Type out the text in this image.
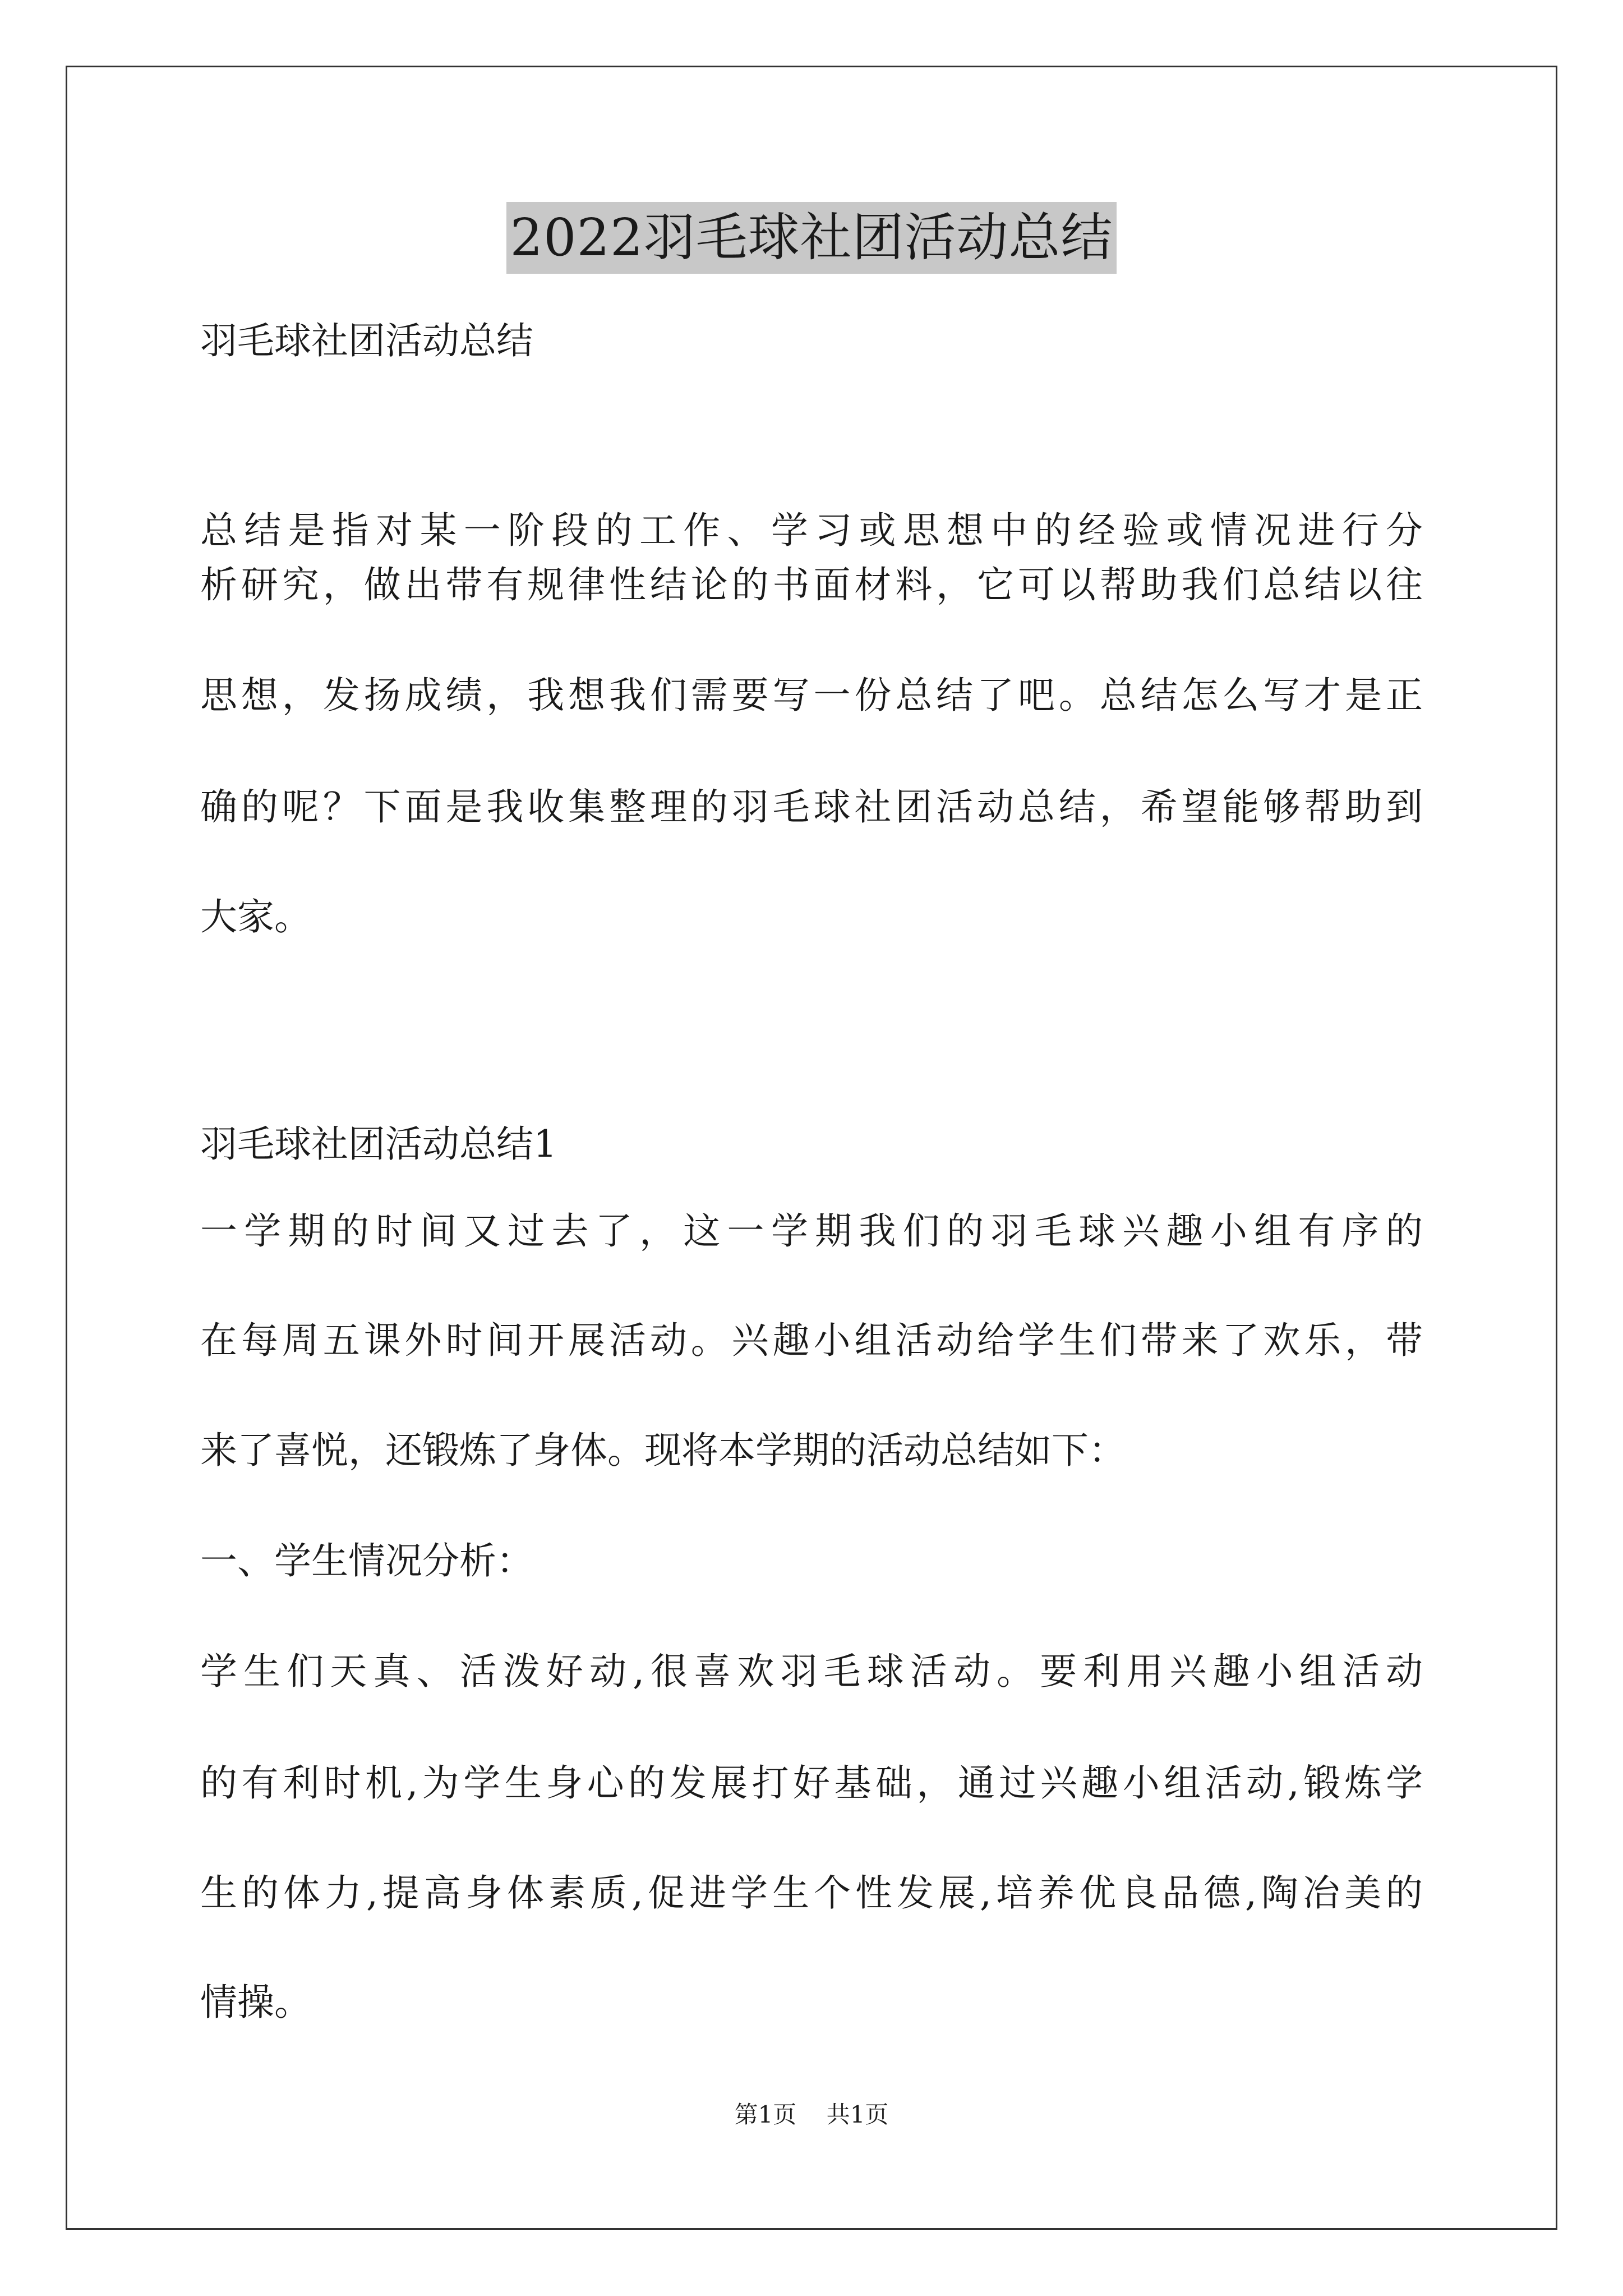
2022羽毛球社团活动总结
羽毛球社团活动总结
总结是指对某一阶段的工作、学习或思想中的经验或情况进行分
析研究，做出带有规律性结论的书面材料，它可以帮助我们总结以往
思想，发扬成绩，我想我们需要写一份总结了吧。总结怎么写才是正
确的呢？下面是我收集整理的羽毛球社团活动总结，希望能够帮助到
大家。
羽毛球社团活动总结1
一学期的时间又过去了，这一学期我们的羽毛球兴趣小组有序的
在每周五课外时间开展活动。兴趣小组活动给学生们带来了欢乐，带
来了喜悦，还锻炼了身体。现将本学期的活动总结如下：
一、学生情况分析：
学生们天真、活泼好动,很喜欢羽毛球活动。要利用兴趣小组活动
的有利时机,为学生身心的发展打好基础，通过兴趣小组活动,锻炼学
生的体力,提高身体素质,促进学生个性发展,培养优良品德,陶冶美的
情操。
第1页 共1页
